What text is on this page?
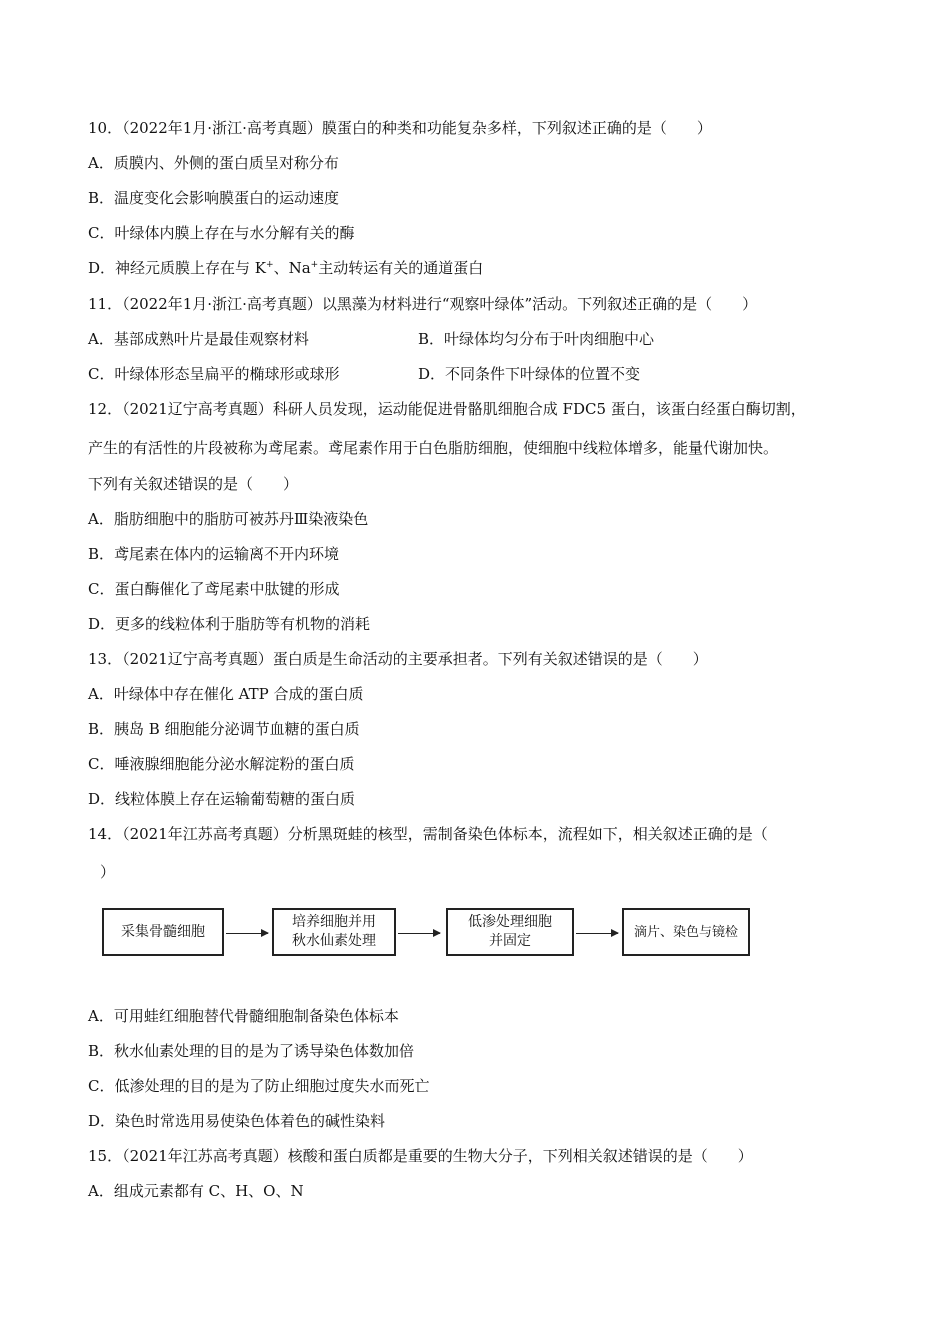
10．（2022年1月·浙江·高考真题）膜蛋白的种类和功能复杂多样，下列叙述正确的是（　　）
A．质膜内、外侧的蛋白质呈对称分布
B．温度变化会影响膜蛋白的运动速度
C．叶绿体内膜上存在与水分解有关的酶
D．神经元质膜上存在与 K+、Na+主动转运有关的通道蛋白
11．（2022年1月·浙江·高考真题）以黑藻为材料进行“观察叶绿体”活动。下列叙述正确的是（　　）
A．基部成熟叶片是最佳观察材料	B．叶绿体均匀分布于叶肉细胞中心
C．叶绿体形态呈扁平的椭球形或球形	D．不同条件下叶绿体的位置不变
12．（2021辽宁高考真题）科研人员发现，运动能促进骨骼肌细胞合成 FDC5 蛋白，该蛋白经蛋白酶切割，
产生的有活性的片段被称为鸢尾素。鸢尾素作用于白色脂肪细胞，使细胞中线粒体增多，能量代谢加快。
下列有关叙述错误的是（　　）
A．脂肪细胞中的脂肪可被苏丹Ⅲ染液染色
B．鸢尾素在体内的运输离不开内环境
C．蛋白酶催化了鸢尾素中肽键的形成
D．更多的线粒体利于脂肪等有机物的消耗
13．（2021辽宁高考真题）蛋白质是生命活动的主要承担者。下列有关叙述错误的是（　　）
A．叶绿体中存在催化 ATP 合成的蛋白质
B．胰岛 B 细胞能分泌调节血糖的蛋白质
C．唾液腺细胞能分泌水解淀粉的蛋白质
D．线粒体膜上存在运输葡萄糖的蛋白质
14．（2021年江苏高考真题）分析黑斑蛙的核型，需制备染色体标本，流程如下，相关叙述正确的是（
）
采集骨髓细胞
培养细胞并用
秋水仙素处理
低渗处理细胞
并固定
滴片、染色与镜检
A．可用蛙红细胞替代骨髓细胞制备染色体标本
B．秋水仙素处理的目的是为了诱导染色体数加倍
C．低渗处理的目的是为了防止细胞过度失水而死亡
D．染色时常选用易使染色体着色的碱性染料
15．（2021年江苏高考真题）核酸和蛋白质都是重要的生物大分子，下列相关叙述错误的是（　　）
A．组成元素都有 C、H、O、N
